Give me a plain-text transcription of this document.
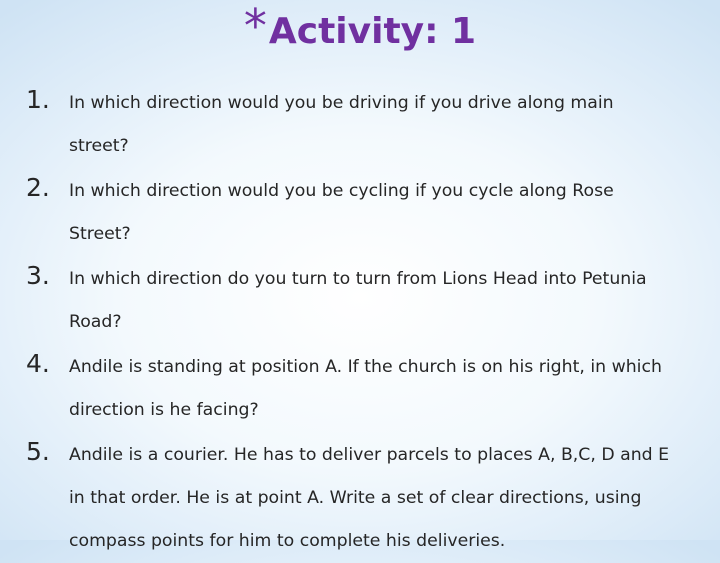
*Activity: 1
1. In which direction would you be driving if you drive along main
street?
2. In which direction would you be cycling if you cycle along Rose
Street?
3. In which direction do you turn to turn from Lions Head into Petunia
Road?
4. Andile is standing at position A. If the church is on his right, in which
direction is he facing?
5. Andile is a courier. He has to deliver parcels to places A, B,C, D and E
in that order. He is at point A. Write a set of clear directions, using
compass points for him to complete his deliveries.
